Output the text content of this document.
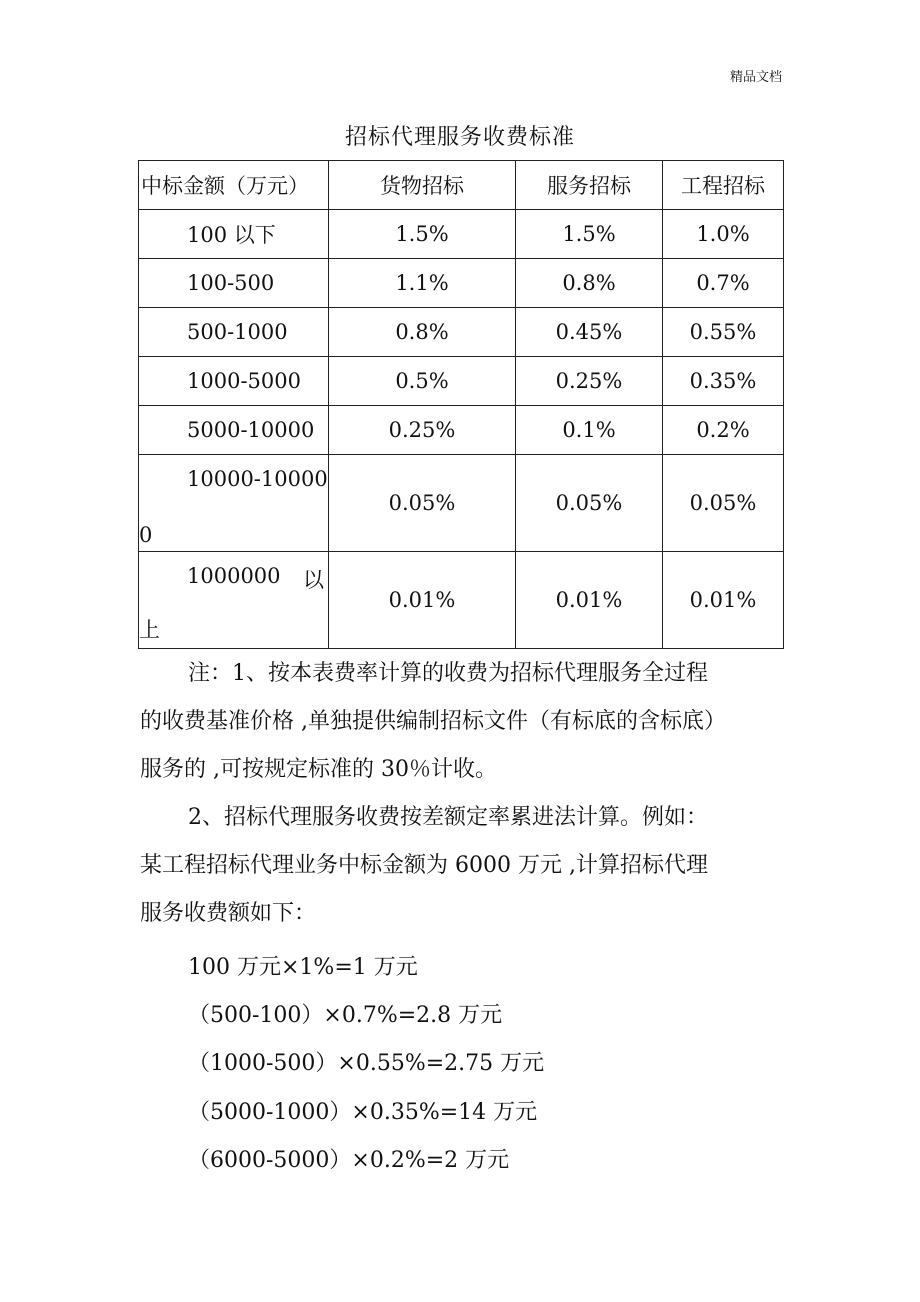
精品文档
招标代理服务收费标准
中标金额（万元）	货物招标	服务招标	工程招标
100 以下	1.5%	1.5%	1.0%
100-500	1.1%	0.8%	0.7%
500-1000	0.8%	0.45%	0.55%
1000-5000	0.5%	0.25%	0.35%
5000-10000	0.25%	0.1%	0.2%

10000-10000
0	0.05%	0.05%	0.05%

1000000 以
上	0.01%	0.01%	0.01%
注：1、按本表费率计算的收费为招标代理服务全过程
的收费基准价格 ,单独提供编制招标文件（有标底的含标底）
服务的 ,可按规定标准的 30％计收。
2、招标代理服务收费按差额定率累进法计算。例如：
某工程招标代理业务中标金额为 6000 万元 ,计算招标代理
服务收费额如下：
100 万元×1%=1 万元
（500-100）×0.7%=2.8 万元
（1000-500）×0.55%=2.75 万元
（5000-1000）×0.35%=14 万元
（6000-5000）×0.2%=2 万元
